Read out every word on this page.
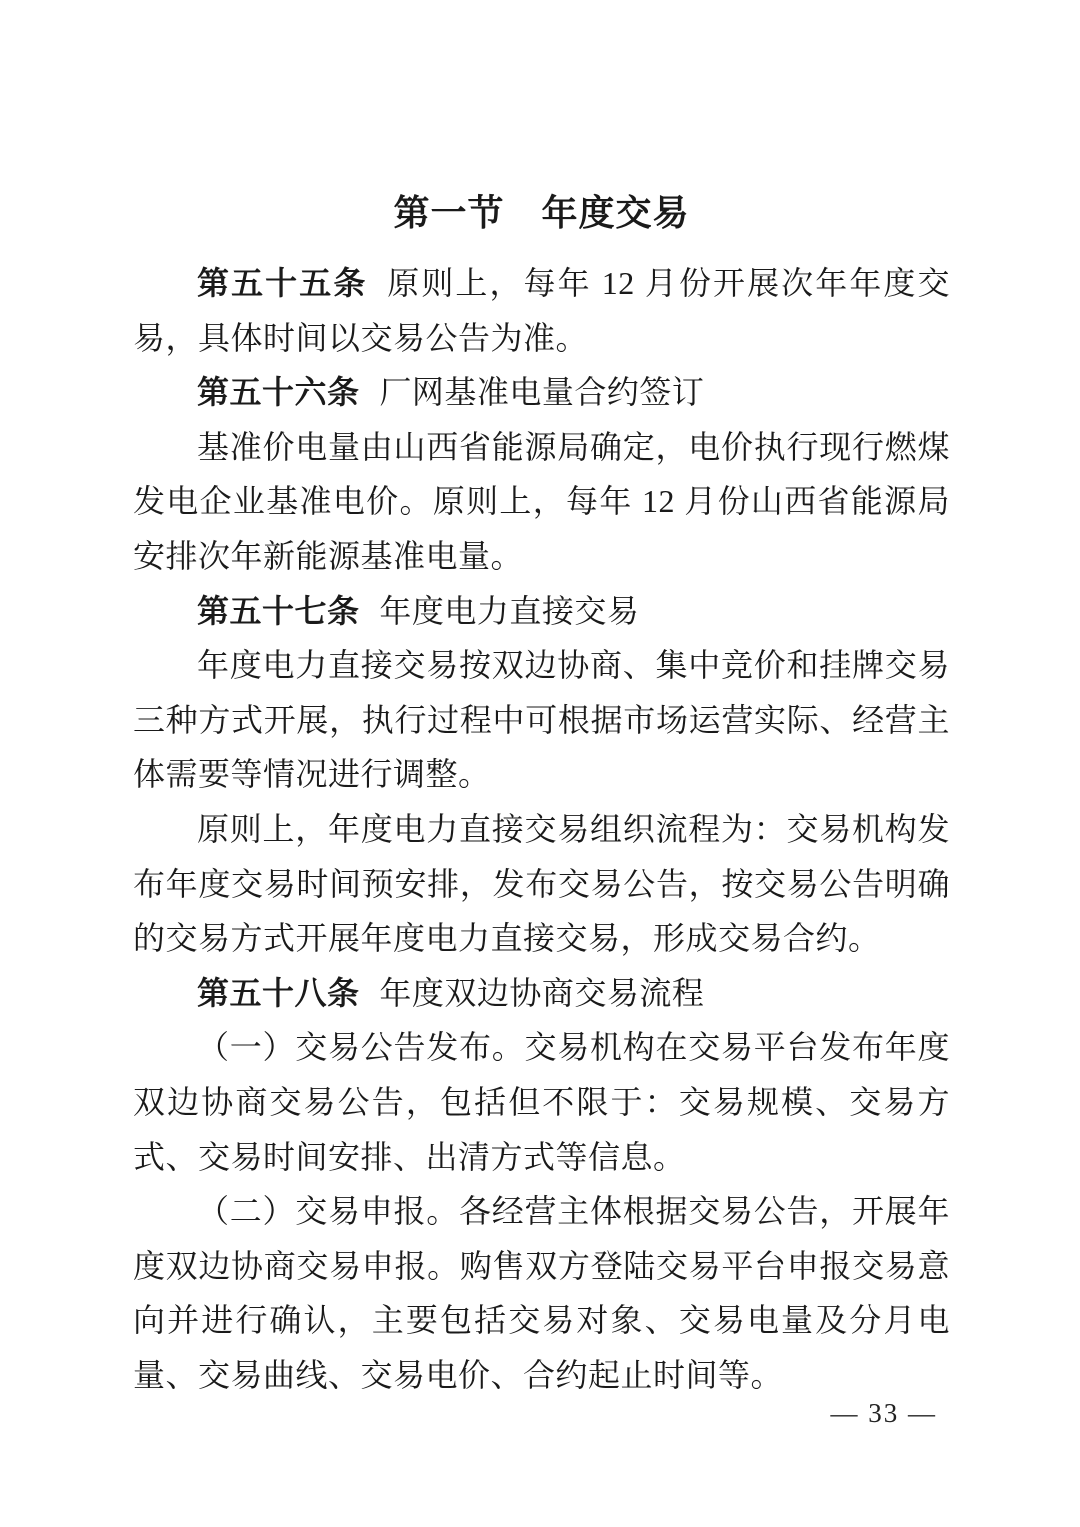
第一节　年度交易

第五十五条 原则上，每年 12 月份开展次年年度交易，具体时间以交易公告为准。

第五十六条 厂网基准电量合约签订

基准价电量由山西省能源局确定，电价执行现行燃煤发电企业基准电价。原则上，每年 12 月份山西省能源局安排次年新能源基准电量。

第五十七条 年度电力直接交易

年度电力直接交易按双边协商、集中竞价和挂牌交易三种方式开展，执行过程中可根据市场运营实际、经营主体需要等情况进行调整。

原则上，年度电力直接交易组织流程为：交易机构发布年度交易时间预安排，发布交易公告，按交易公告明确的交易方式开展年度电力直接交易，形成交易合约。

第五十八条 年度双边协商交易流程

（一）交易公告发布。交易机构在交易平台发布年度双边协商交易公告，包括但不限于：交易规模、交易方式、交易时间安排、出清方式等信息。

（二）交易申报。各经营主体根据交易公告，开展年度双边协商交易申报。购售双方登陆交易平台申报交易意向并进行确认，主要包括交易对象、交易电量及分月电量、交易曲线、交易电价、合约起止时间等。

— 33 —
